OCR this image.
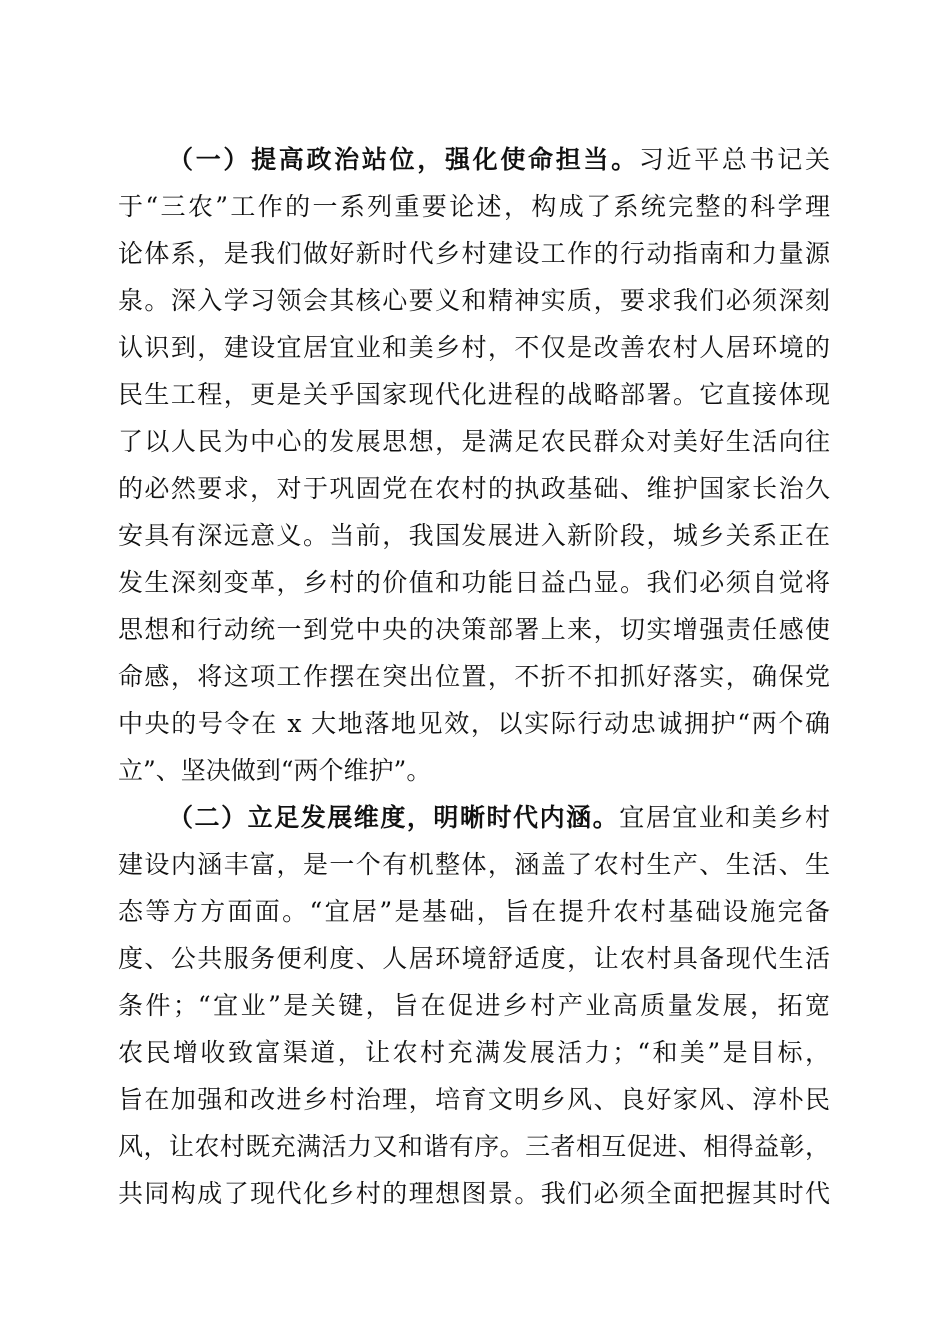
（一）提高政治站位，强化使命担当。习近平总书记关
于“三农”工作的一系列重要论述，构成了系统完整的科学理
论体系，是我们做好新时代乡村建设工作的行动指南和力量源
泉。深入学习领会其核心要义和精神实质，要求我们必须深刻
认识到，建设宜居宜业和美乡村，不仅是改善农村人居环境的
民生工程，更是关乎国家现代化进程的战略部署。它直接体现
了以人民为中心的发展思想，是满足农民群众对美好生活向往
的必然要求，对于巩固党在农村的执政基础、维护国家长治久
安具有深远意义。当前，我国发展进入新阶段，城乡关系正在
发生深刻变革，乡村的价值和功能日益凸显。我们必须自觉将
思想和行动统一到党中央的决策部署上来，切实增强责任感使
命感，将这项工作摆在突出位置，不折不扣抓好落实，确保党
中央的号令在 x 大地落地见效，以实际行动忠诚拥护“两个确
立”、坚决做到“两个维护”。
（二）立足发展维度，明晰时代内涵。宜居宜业和美乡村
建设内涵丰富，是一个有机整体，涵盖了农村生产、生活、生
态等方方面面。“宜居”是基础，旨在提升农村基础设施完备
度、公共服务便利度、人居环境舒适度，让农村具备现代生活
条件；“宜业”是关键，旨在促进乡村产业高质量发展，拓宽
农民增收致富渠道，让农村充满发展活力；“和美”是目标，
旨在加强和改进乡村治理，培育文明乡风、良好家风、淳朴民
风，让农村既充满活力又和谐有序。三者相互促进、相得益彰，
共同构成了现代化乡村的理想图景。我们必须全面把握其时代
